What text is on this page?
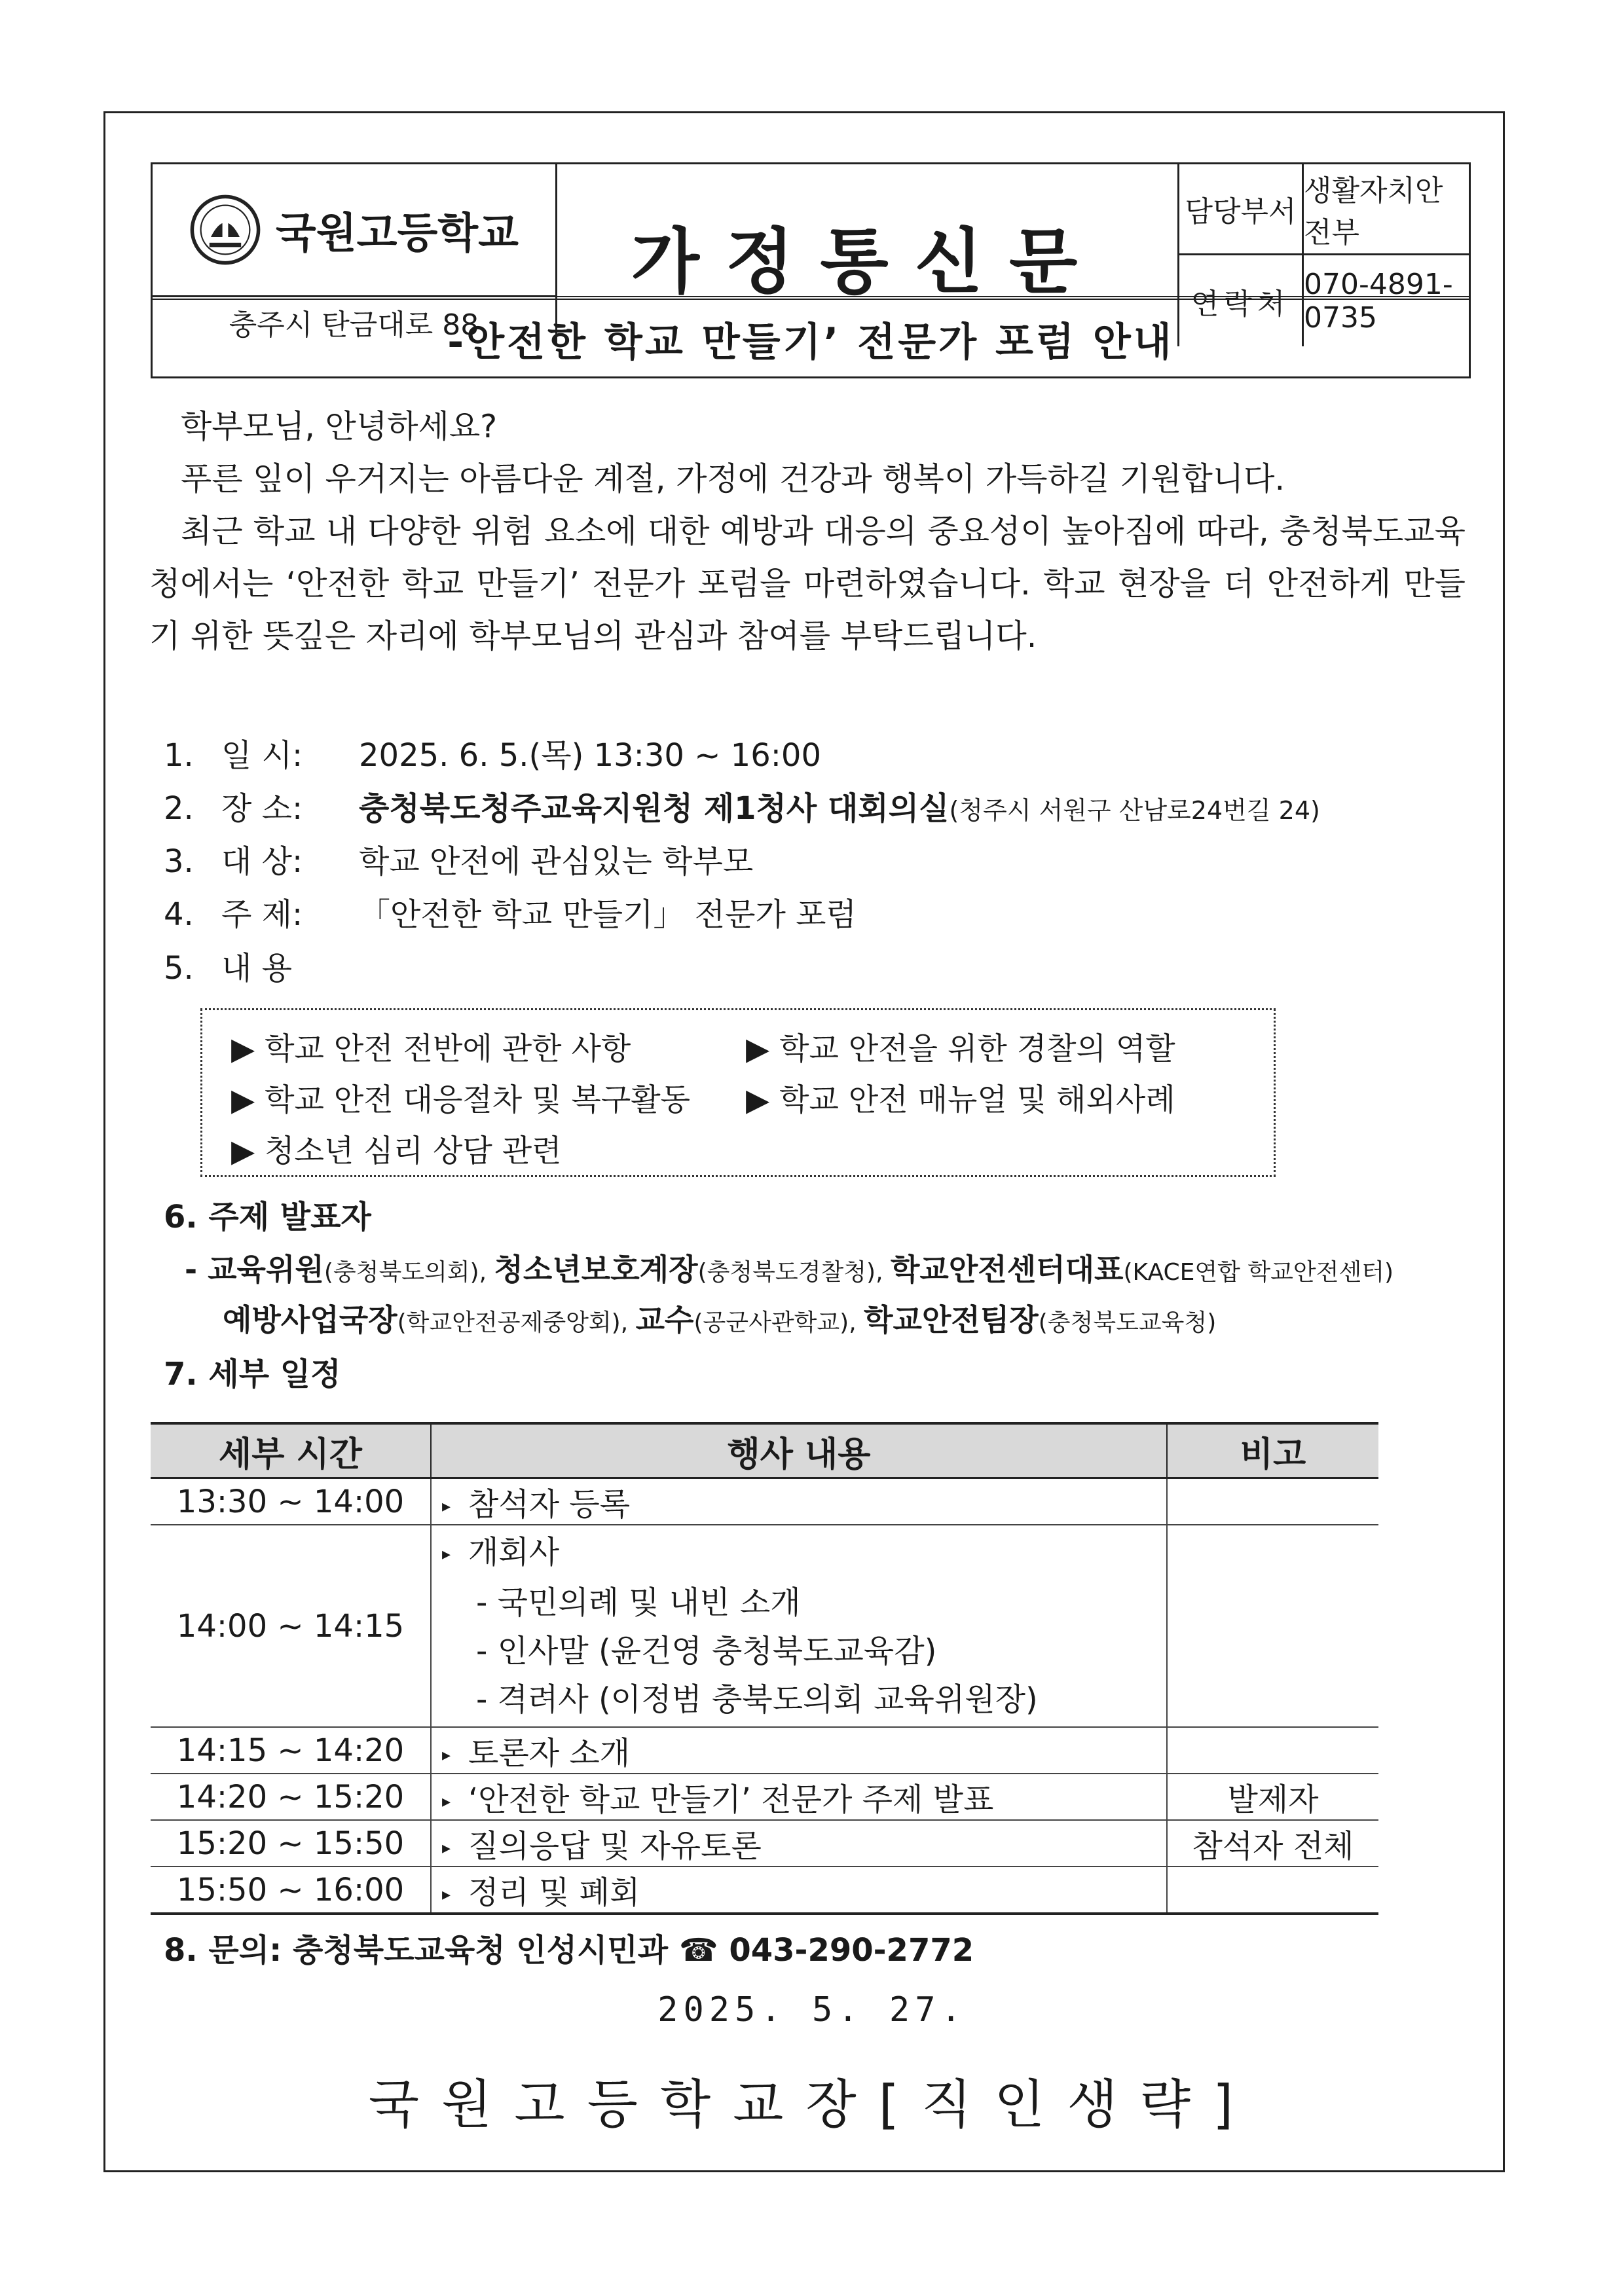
국원고등학교
충주시 탄금대로 88
가정통신문
담당부서
생활자치안전부
연락처
070-4891-0735
-안전한 학교 만들기’ 전문가 포럼 안내

학부모님, 안녕하세요?

푸른 잎이 우거지는 아름다운 계절, 가정에 건강과 행복이 가득하길 기원합니다.

최근 학교 내 다양한 위험 요소에 대한 예방과 대응의 중요성이 높아짐에 따라, 충청북도교육청에서는 ‘안전한 학교 만들기’ 전문가 포럼을 마련하였습니다. 학교 현장을 더 안전하게 만들기 위한 뜻깊은 자리에 학부모님의 관심과 참여를 부탁드립니다.

1. 일 시: 2025. 6. 5.(목) 13:30 ~ 16:00
2. 장 소: 충청북도청주교육지원청 제1청사 대회의실(청주시 서원구 산남로24번길 24)
3. 대 상: 학교 안전에 관심있는 학부모
4. 주 제: 「안전한 학교 만들기」 전문가 포럼
5. 내 용
▶ 학교 안전 전반에 관한 사항	▶ 학교 안전을 위한 경찰의 역할
▶ 학교 안전 대응절차 및 복구활동 ▶ 학교 안전 매뉴얼 및 해외사례
▶ 청소년 심리 상담 관련
6. 주제 발표자
- 교육위원(충청북도의회), 청소년보호계장(충청북도경찰청), 학교안전센터대표(KACE연합 학교안전센터)
예방사업국장(학교안전공제중앙회), 교수(공군사관학교), 학교안전팀장(충청북도교육청)
7. 세부 일정
세부 시간	행사 내용	비고
13:30 ~ 14:00	▸ 참석자 등록	
14:00 ~ 14:15	▸ 개회사
- 국민의례 및 내빈 소개
- 인사말 (윤건영 충청북도교육감)
- 격려사 (이정범 충북도의회 교육위원장)	

14:15 ~ 14:20	▸ 토론자 소개	
14:20 ~ 15:20	▸ ‘안전한 학교 만들기’ 전문가 주제 발표	발제자
15:20 ~ 15:50	▸ 질의응답 및 자유토론	참석자 전체
15:50 ~ 16:00	▸ 정리 및 폐회	
8. 문의: 충청북도교육청 인성시민과 ☎ 043-290-2772
2025. 5. 27.
국원고등학교장[직인생략]
